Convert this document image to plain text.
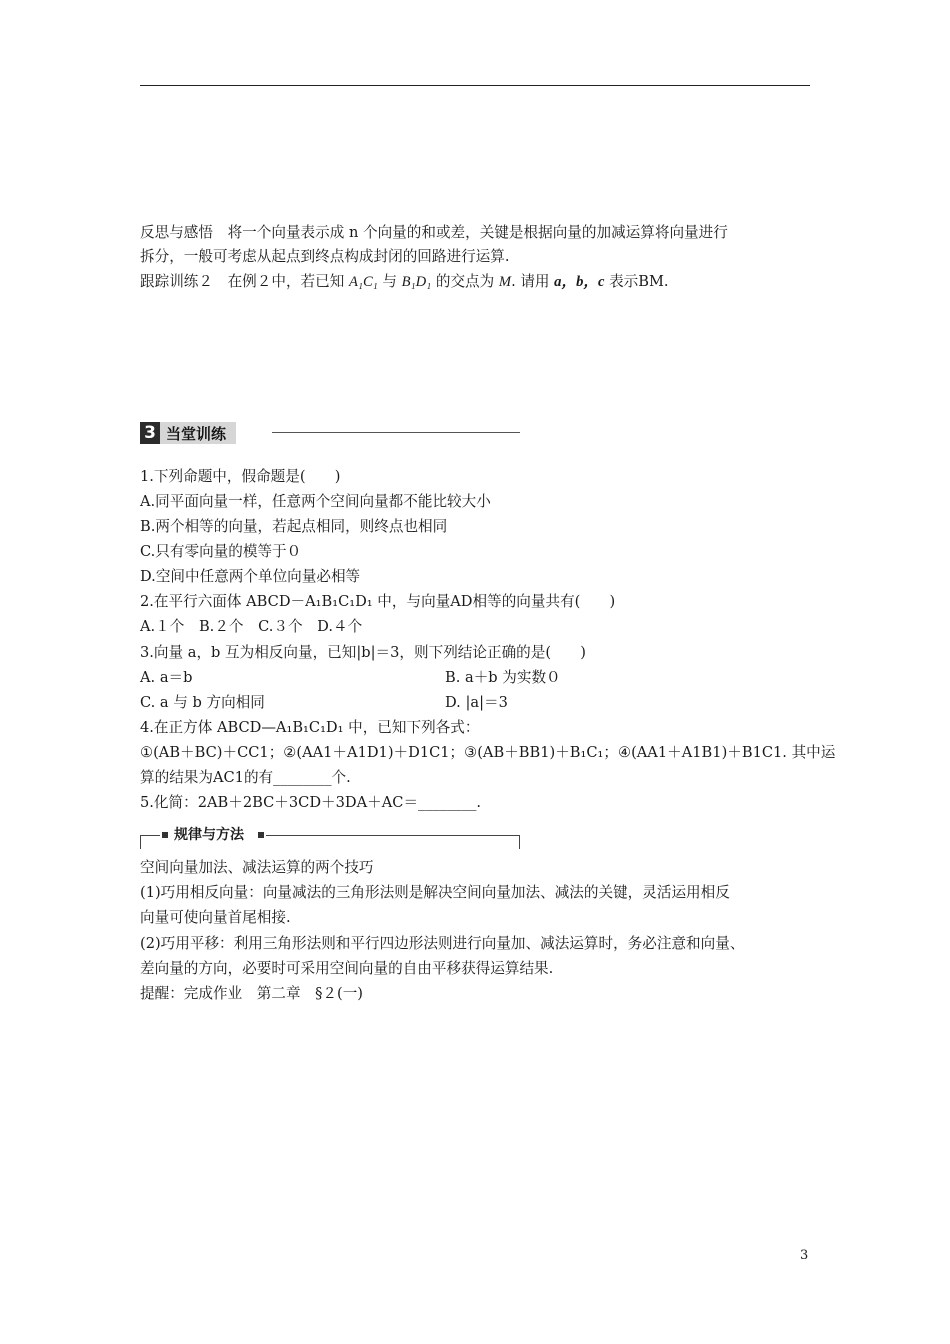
反思与感悟　将一个向量表示成 n 个向量的和或差，关键是根据向量的加减运算将向量进行
拆分，一般可考虑从起点到终点构成封闭的回路进行运算.
跟踪训练２　在例２中，若已知 A₁C₁ 与 B₁D₁ 的交点为 M. 请用 a，b，c 表示BM.
3 当堂训练
1.下列命题中，假命题是(　　)
A.同平面向量一样，任意两个空间向量都不能比较大小
B.两个相等的向量，若起点相同，则终点也相同
C.只有零向量的模等于０
D.空间中任意两个单位向量必相等
2.在平行六面体 ABCD－A₁B₁C₁D₁ 中，与向量AD相等的向量共有(　　)
A.１个　B.２个　C.３个　D.４个
3.向量 a，b 互为相反向量，已知|b|＝3，则下列结论正确的是(　　)
A. a＝b	B. a＋b 为实数０
C. a 与 b 方向相同	D. |a|＝3
4.在正方体 ABCD—A₁B₁C₁D₁ 中，已知下列各式：
①(AB＋BC)＋CC1；②(AA1＋A1D1)＋D1C1；③(AB＋BB1)＋B₁C₁；④(AA1＋A1B1)＋B1C1. 其中运
算的结果为AC1的有________个.
5.化简：2AB＋2BC＋3CD＋3DA＋AC＝________.
规律与方法
空间向量加法、减法运算的两个技巧
(1)巧用相反向量：向量减法的三角形法则是解决空间向量加法、减法的关键，灵活运用相反
向量可使向量首尾相接.
(2)巧用平移：利用三角形法则和平行四边形法则进行向量加、减法运算时，务必注意和向量、
差向量的方向，必要时可采用空间向量的自由平移获得运算结果.
提醒：完成作业　第二章　§２(一)
3
